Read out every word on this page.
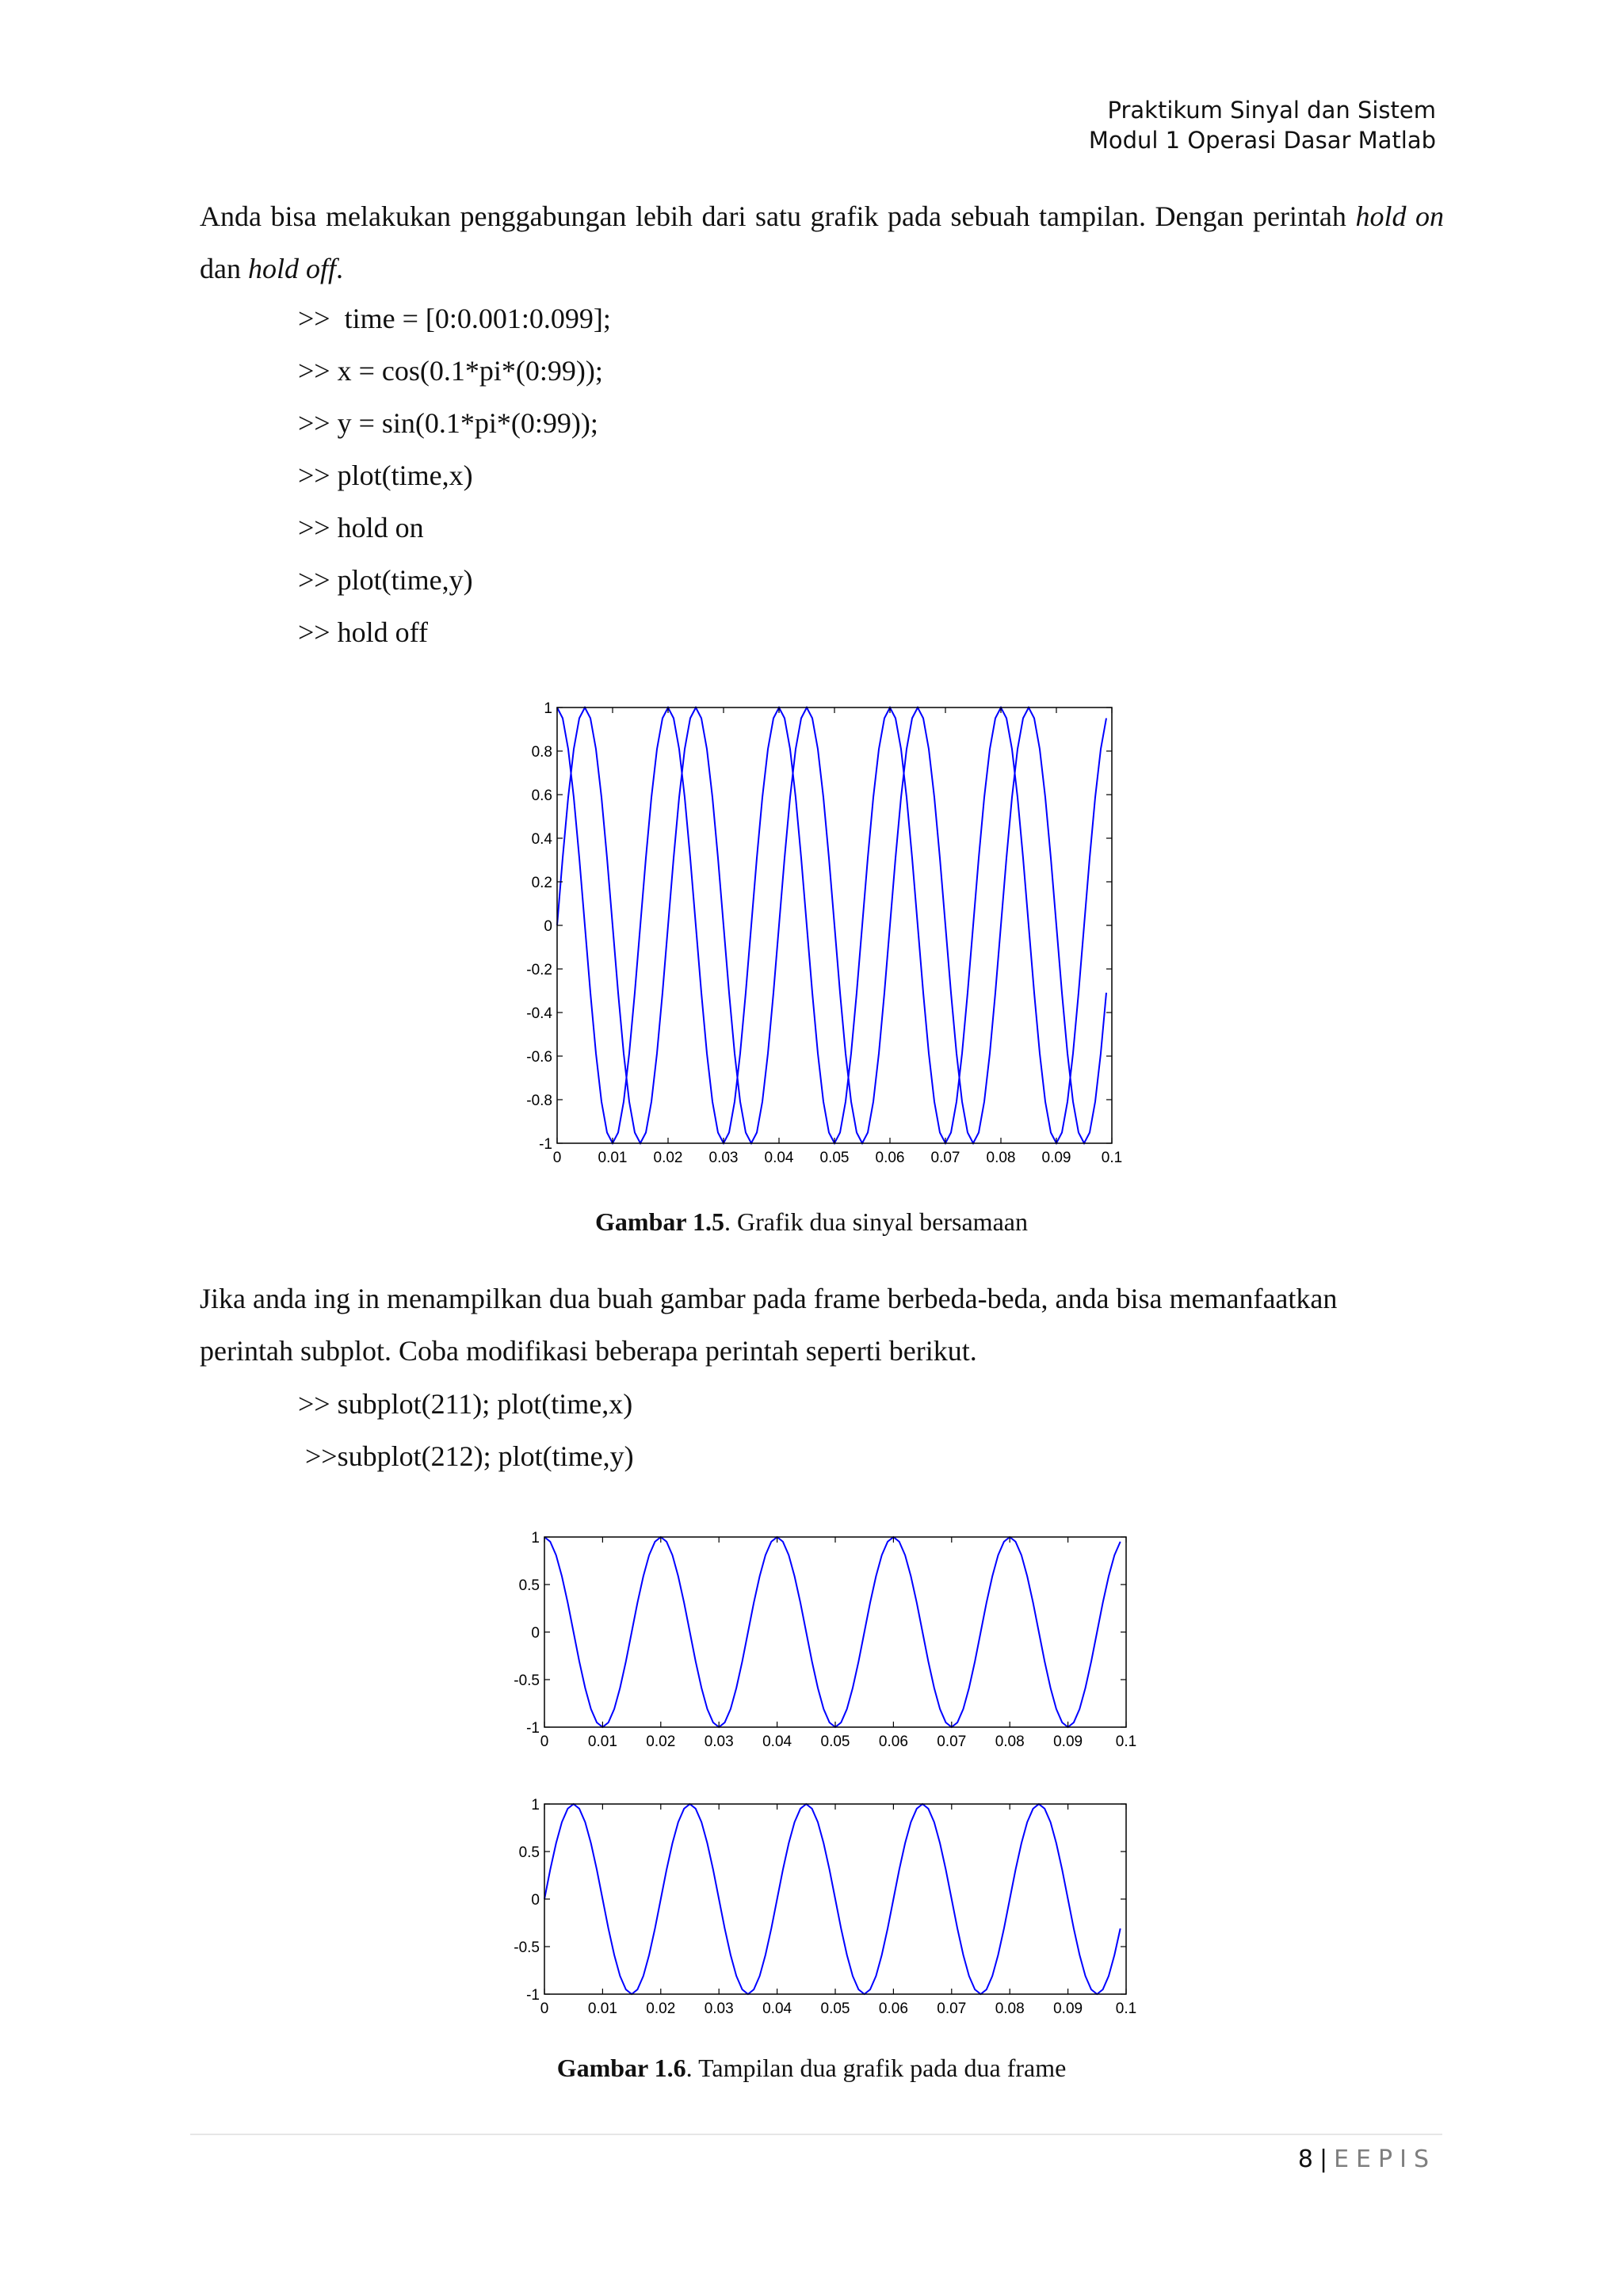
Praktikum Sinyal dan Sistem
Modul 1 Operasi Dasar Matlab
Anda bisa melakukan penggabungan lebih dari satu grafik pada sebuah tampilan. Dengan perintah hold on dan hold off.
>>  time = [0:0.001:0.099];
>> x = cos(0.1*pi*(0:99));
>> y = sin(0.1*pi*(0:99));
>> plot(time,x)
>> hold on
>> plot(time,y)
>> hold off
0 0.01 0.02 0.03 0.04 0.05 0.06 0.07 0.08 0.09 0.1
1
0.8
0.6
0.4
0.2
0
-0.2
-0.4
-0.6
-0.8
-1
0	0.01 0.02 0.03 0.04 0.05 0.06 0.07 0.08 0.09 0.1
1
0.5
0
-0.5
-1
0	0.01 0.02 0.03 0.04 0.05 0.06 0.07 0.08 0.09 0.1
1
0.5
0
-0.5
-1
Gambar 1.5. Grafik dua sinyal bersamaan
Jika anda ing in menampilkan dua buah gambar pada frame berbeda-beda, anda bisa memanfaatkan
perintah subplot. Coba modifikasi beberapa perintah seperti berikut.
>> subplot(211); plot(time,x)
>>subplot(212); plot(time,y)
Gambar 1.6. Tampilan dua grafik pada dua frame
8 | EEPIS
